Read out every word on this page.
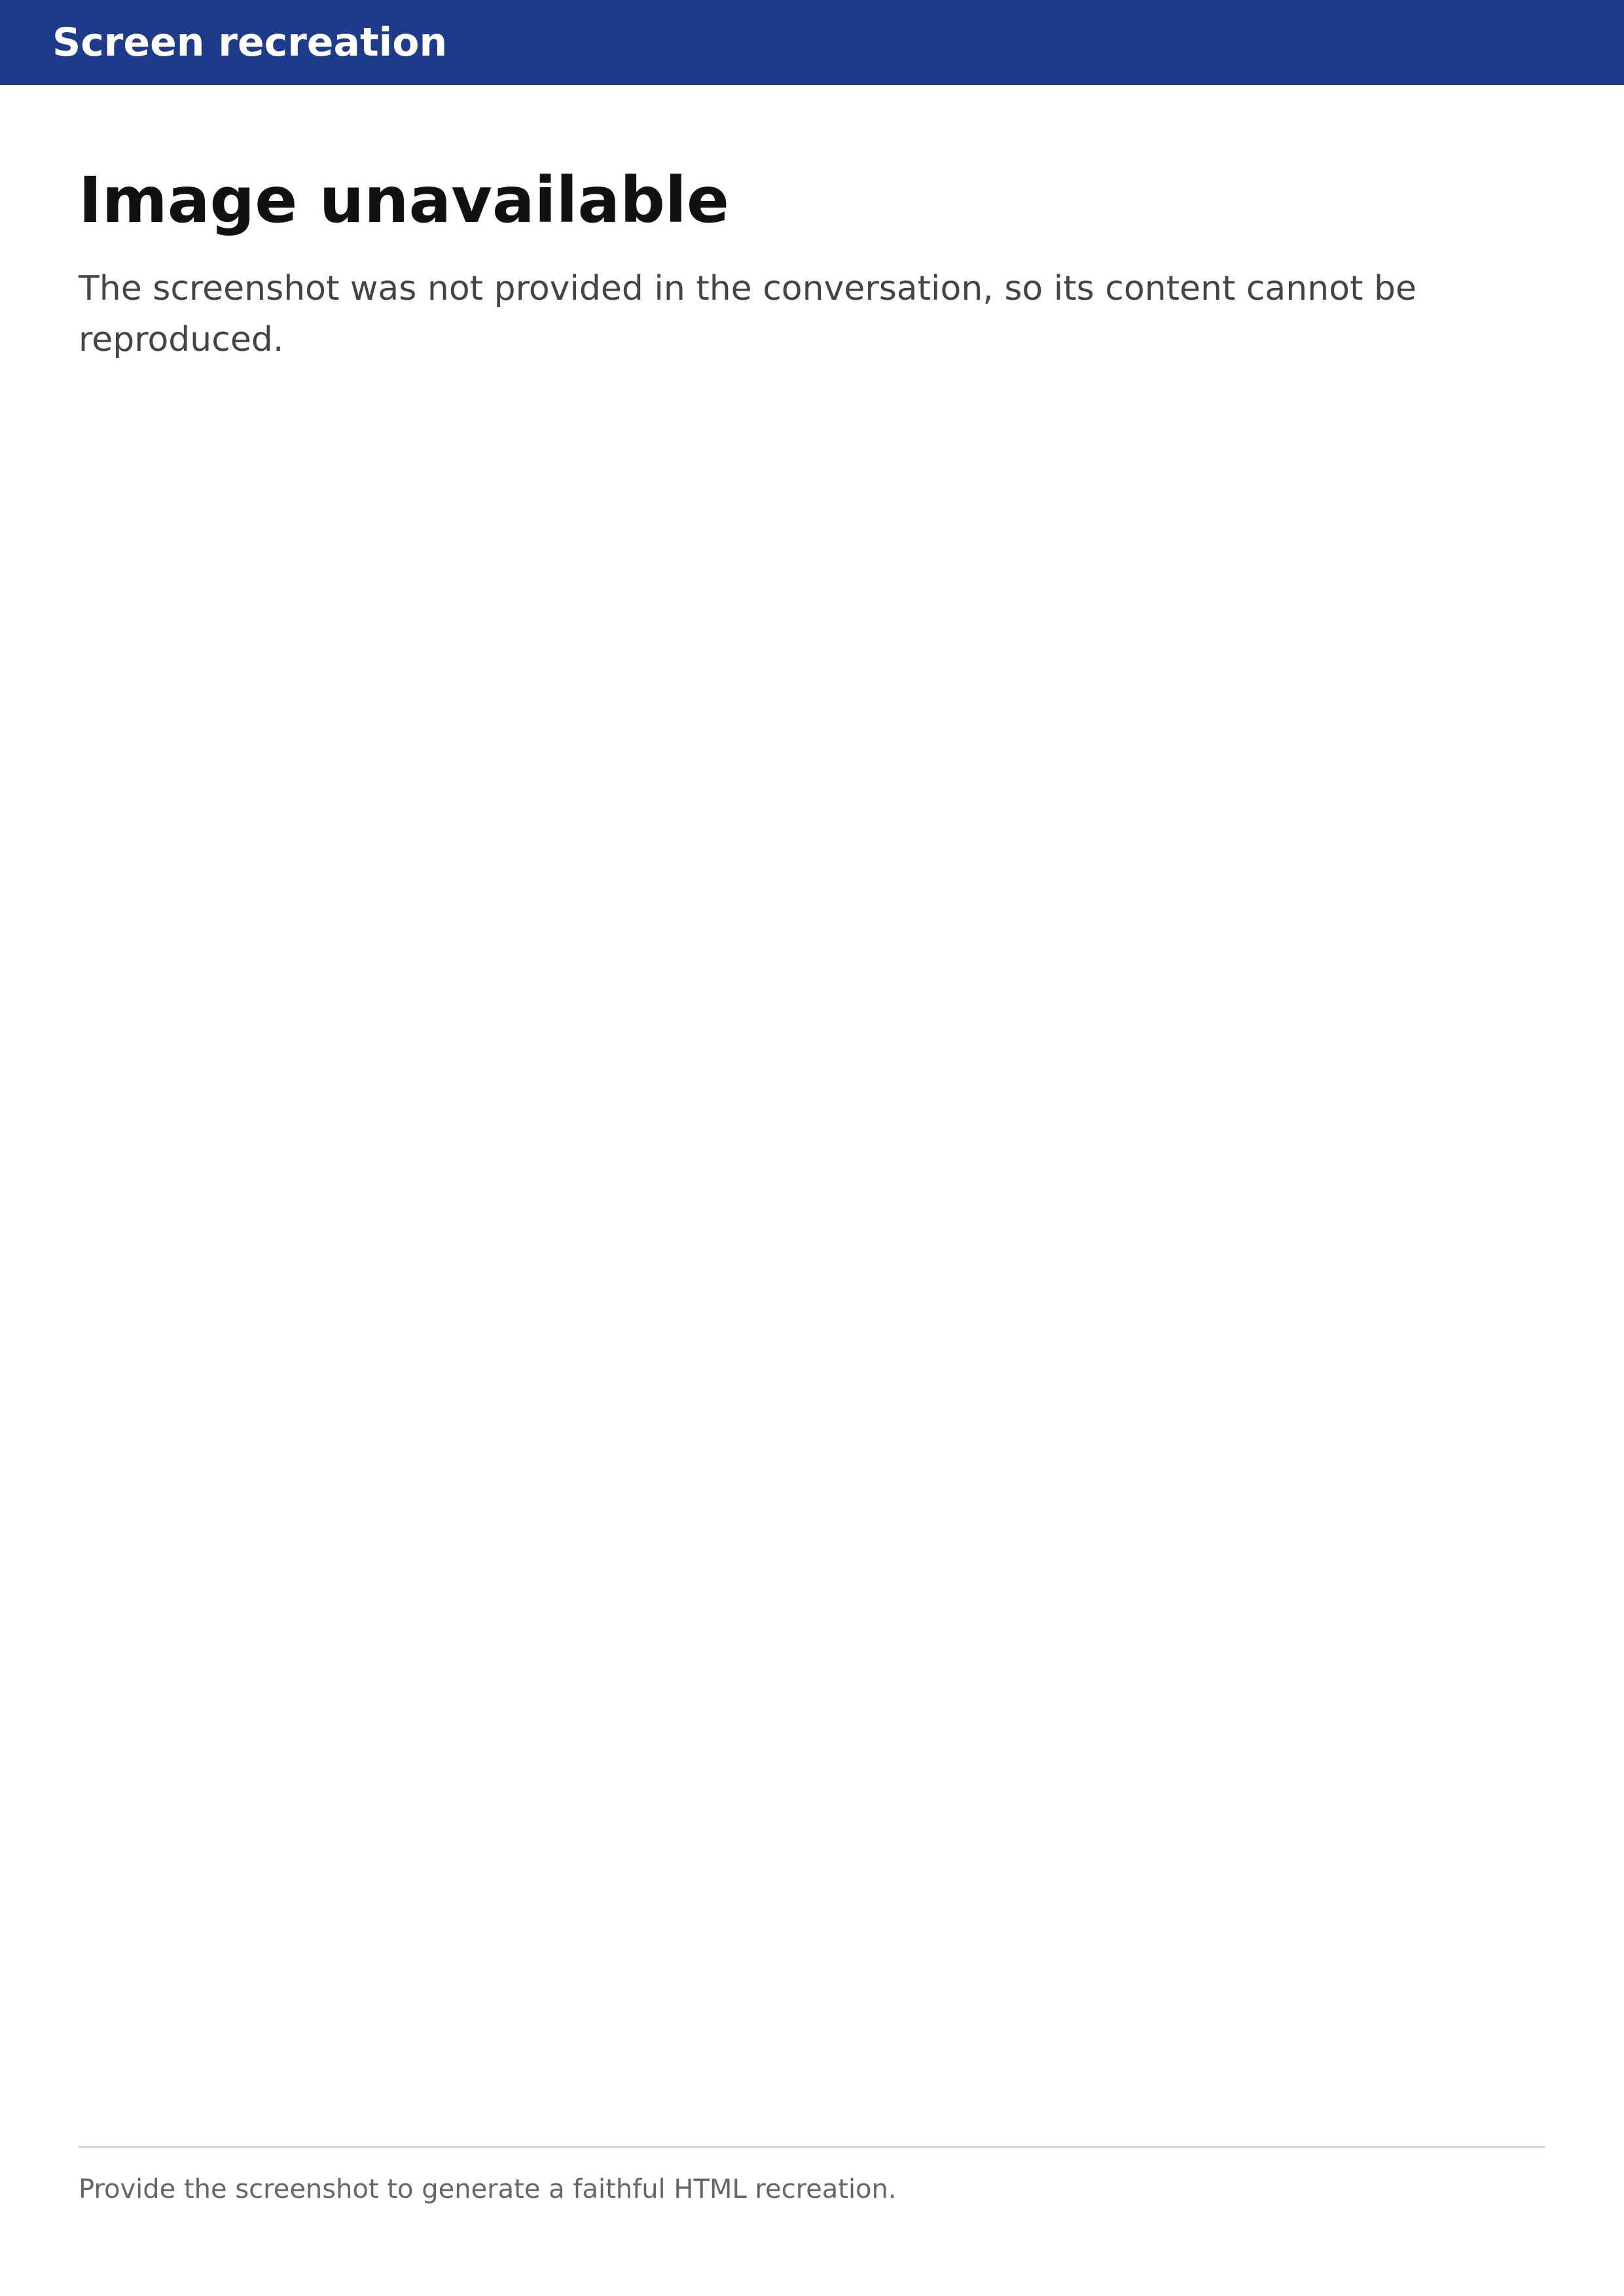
Screen recreation
Image unavailable

The screenshot was not provided in the conversation, so its content cannot be reproduced.

Provide the screenshot to generate a faithful HTML recreation.
